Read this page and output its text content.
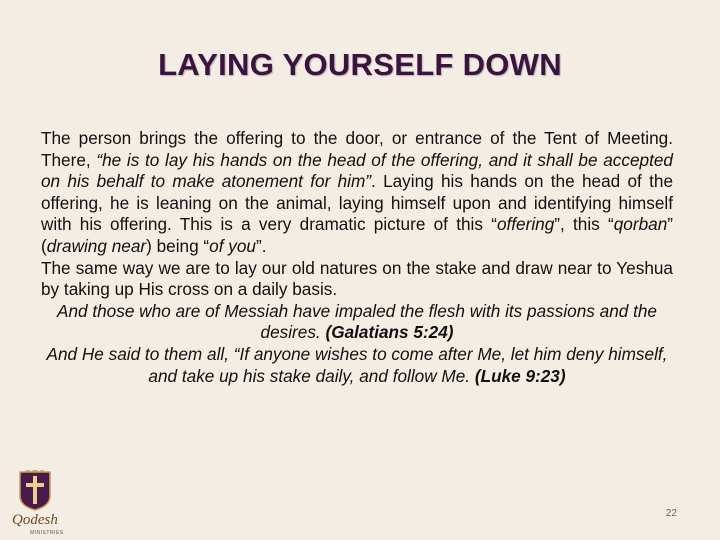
LAYING YOURSELF DOWN

The person brings the offering to the door, or entrance of the Tent of Meeting. There, “he is to lay his hands on the head of the offering, and it shall be accepted on his behalf to make atonement for him”. Laying his hands on the head of the offering, he is leaning on the animal, laying himself upon and identifying himself with his offering. This is a very dramatic picture of this “offering”, this “qorban” (drawing near) being “of you”.

The same way we are to lay our old natures on the stake and draw near to Yeshua by taking up His cross on a daily basis.

And those who are of Messiah have impaled the flesh with its passions and the desires. (Galatians 5:24)

And He said to them all, “If anyone wishes to come after Me, let him deny himself, and take up his stake daily, and follow Me. (Luke 9:23)

Qodesh
MINISTRIES
22
